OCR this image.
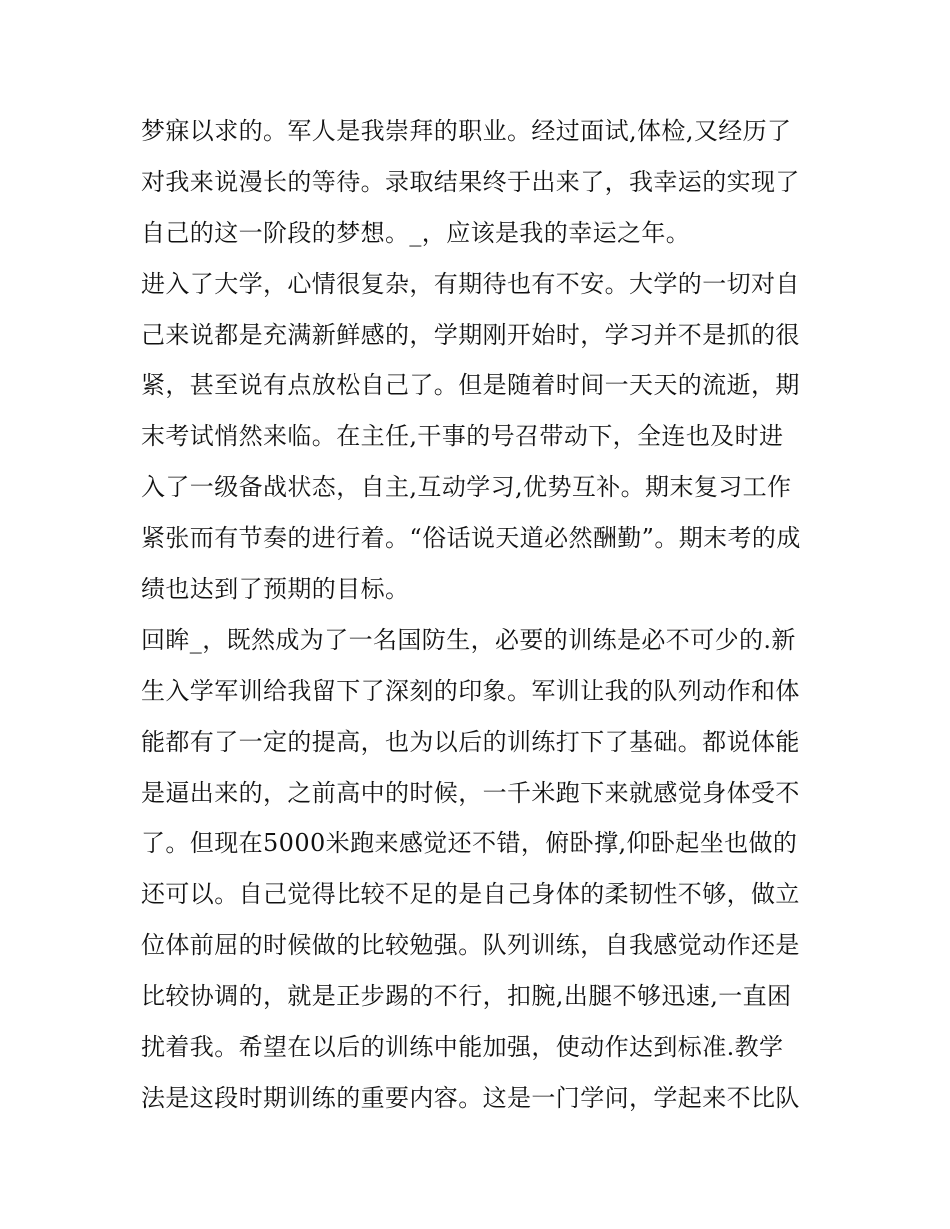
梦寐以求的。军人是我崇拜的职业。经过面试,体检,又经历了
对我来说漫长的等待。录取结果终于出来了，我幸运的实现了
自己的这一阶段的梦想。_，应该是我的幸运之年。
进入了大学，心情很复杂，有期待也有不安。大学的一切对自
己来说都是充满新鲜感的，学期刚开始时，学习并不是抓的很
紧，甚至说有点放松自己了。但是随着时间一天天的流逝，期
末考试悄然来临。在主任,干事的号召带动下，全连也及时进
入了一级备战状态，自主,互动学习,优势互补。期末复习工作
紧张而有节奏的进行着。“俗话说天道必然酬勤”。期末考的成
绩也达到了预期的目标。
回眸_，既然成为了一名国防生，必要的训练是必不可少的.新
生入学军训给我留下了深刻的印象。军训让我的队列动作和体
能都有了一定的提高，也为以后的训练打下了基础。都说体能
是逼出来的，之前高中的时候，一千米跑下来就感觉身体受不
了。但现在5000米跑来感觉还不错，俯卧撑,仰卧起坐也做的
还可以。自己觉得比较不足的是自己身体的柔韧性不够，做立
位体前屈的时候做的比较勉强。队列训练，自我感觉动作还是
比较协调的，就是正步踢的不行，扣腕,出腿不够迅速,一直困
扰着我。希望在以后的训练中能加强，使动作达到标准.教学
法是这段时期训练的重要内容。这是一门学问，学起来不比队
